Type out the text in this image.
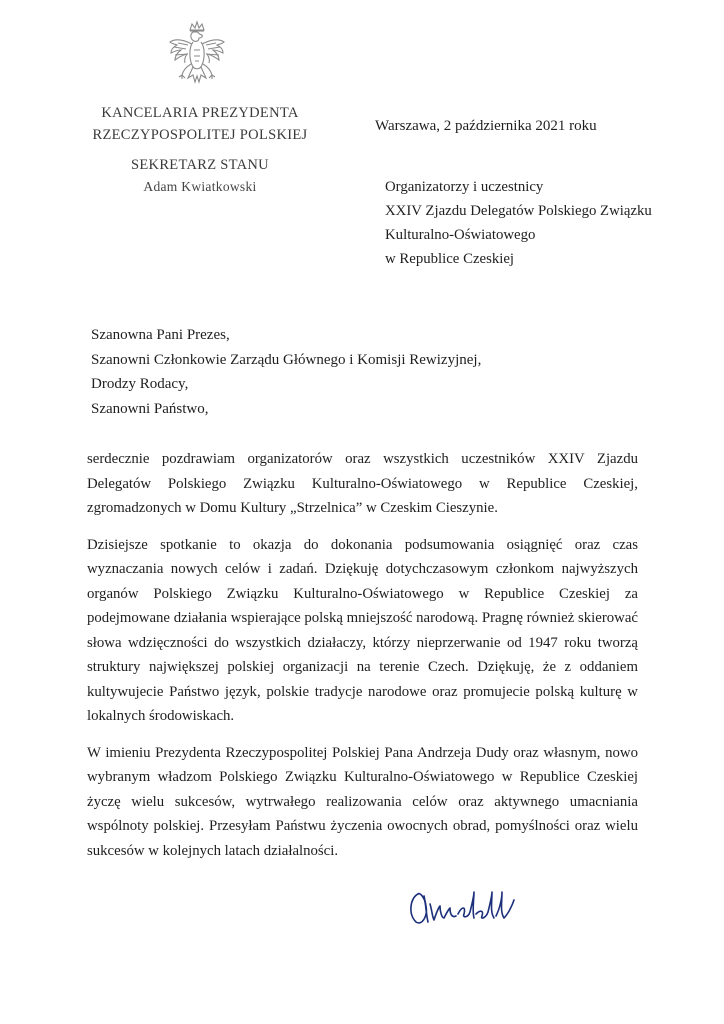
KANCELARIA PREZYDENTA
RZECZYPOSPOLITEJ POLSKIEJ
SEKRETARZ STANU
Adam Kwiatkowski
Warszawa, 2 października 2021 roku
Organizatorzy i uczestnicy
XXIV Zjazdu Delegatów Polskiego Związku
Kulturalno-Oświatowego
w Republice Czeskiej
Szanowna Pani Prezes,
Szanowni Członkowie Zarządu Głównego i Komisji Rewizyjnej,
Drodzy Rodacy,
Szanowni Państwo,

serdecznie pozdrawiam organizatorów oraz wszystkich uczestników XXIV Zjazdu Delegatów Polskiego Związku Kulturalno-Oświatowego w Republice Czeskiej, zgromadzonych w Domu Kultury „Strzelnica” w Czeskim Cieszynie.

Dzisiejsze spotkanie to okazja do dokonania podsumowania osiągnięć oraz czas wyznaczania nowych celów i zadań. Dziękuję dotychczasowym członkom najwyższych organów Polskiego Związku Kulturalno-Oświatowego w Republice Czeskiej za podejmowane działania wspierające polską mniejszość narodową. Pragnę również skierować słowa wdzięczności do wszystkich działaczy, którzy nieprzerwanie od 1947 roku tworzą struktury największej polskiej organizacji na terenie Czech. Dziękuję, że z oddaniem kultywujecie Państwo język, polskie tradycje narodowe oraz promujecie polską kulturę w lokalnych środowiskach.

W imieniu Prezydenta Rzeczypospolitej Polskiej Pana Andrzeja Dudy oraz własnym, nowo wybranym władzom Polskiego Związku Kulturalno-Oświatowego w Republice Czeskiej życzę wielu sukcesów, wytrwałego realizowania celów oraz aktywnego umacniania wspólnoty polskiej. Przesyłam Państwu życzenia owocnych obrad, pomyślności oraz wielu sukcesów w kolejnych latach działalności.
